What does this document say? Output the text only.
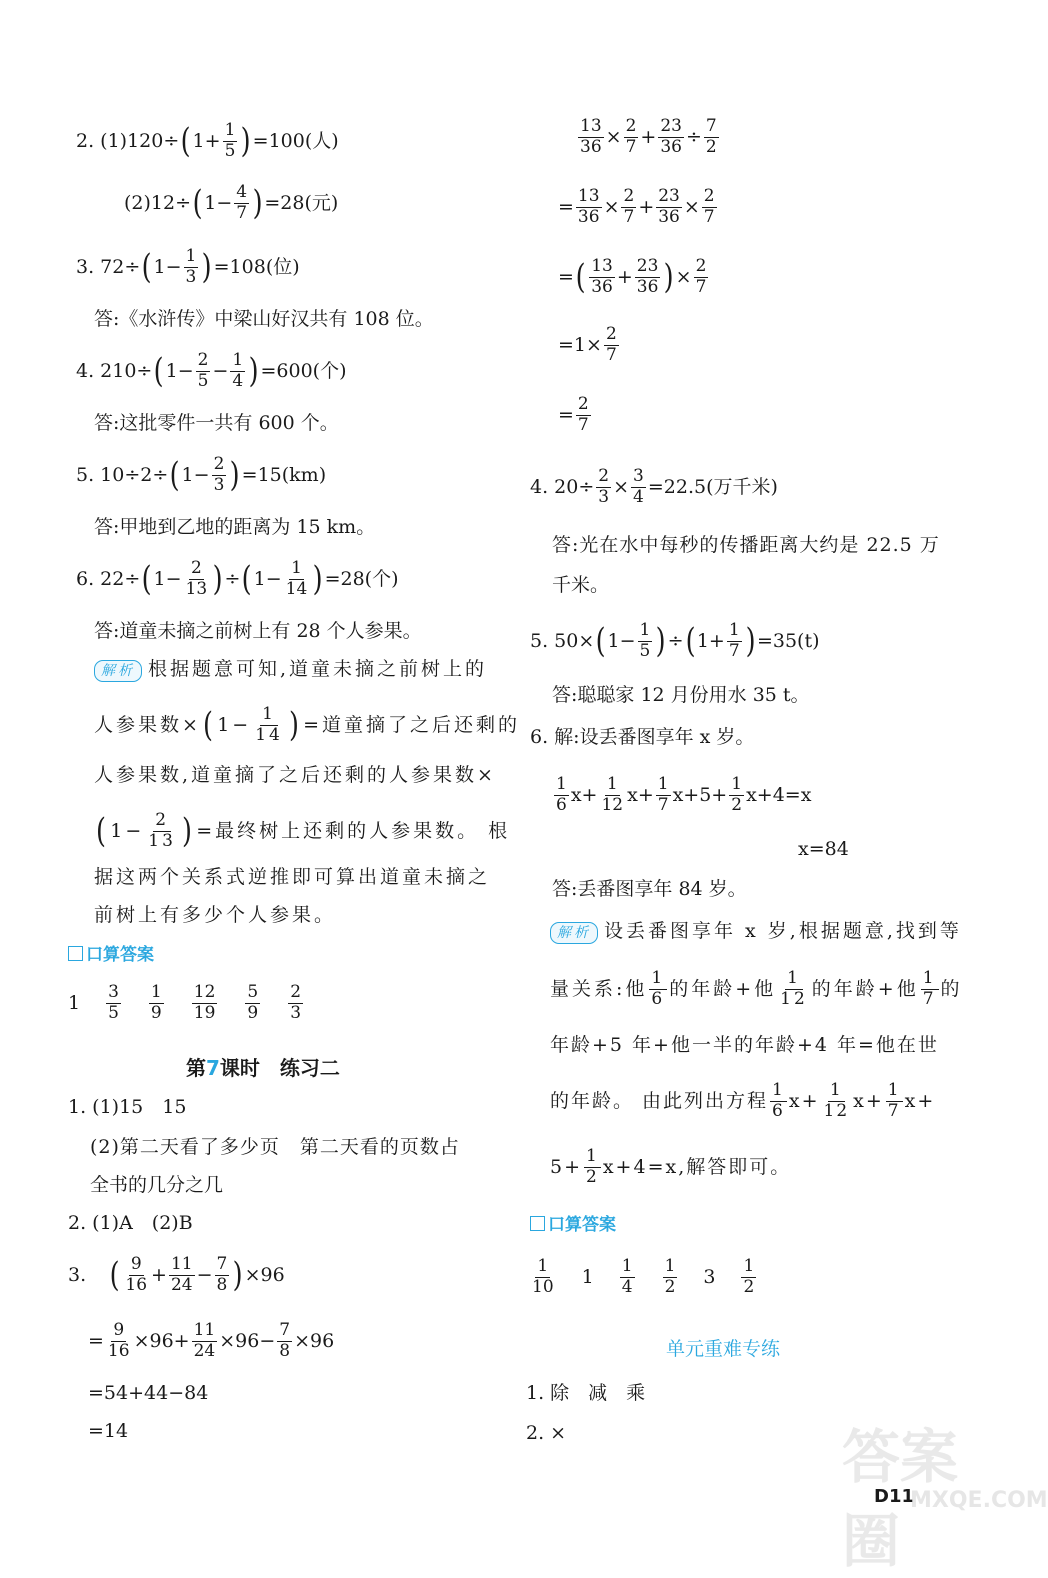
2. (1)120÷ ( $1+ \frac{1}{5}$ ) =100(人)
(2)12÷ ( $1- \frac{4}{7}$ ) =28(元)
3. 72÷ ( $1- \frac{1}{3}$ ) =108(位)
答:《水浒传》中梁山好汉共有 108 位。
4. 210÷ ( $1- \frac{2}{5} - \frac{1}{4}$ ) =600(个)
答:这批零件一共有 600 个。
5. 10÷2÷ ( $1- \frac{2}{3}$ ) =15(km)
答:甲地到乙地的距离为 15 km。
6. 22÷ ( $1- \frac{2}{13}$ ) ÷ ( $1- \frac{1}{14}$ ) =28(个)
答:道童未摘之前树上有 28 个人参果。
解析 根据题意可知,道童未摘之前树上的
人参果数× ( $1- \frac{1}{14}$ ) =道童摘了之后还剩的
人参果数,道童摘了之后还剩的人参果数×
( $1- \frac{2}{13}$ ) =最终树上还剩的人参果数。 根
据这两个关系式逆推即可算出道童未摘之
前树上有多少个人参果。
口算答案
$1 \frac{3}{5} \frac{1}{9} \frac{12}{19} \frac{5}{9} \frac{2}{3}$
第7课时　练习二
1. (1)15　15
(2)第二天看了多少页　第二天看的页数占
全书的几分之几
2. (1)A　(2)B
3. ( $\frac{9}{16} + \frac{11}{24} - \frac{7}{8}$ ) ×96
= $\frac{9}{16} \times 96+ \frac{11}{24} \times 96- \frac{7}{8} \times 96$
=54+44−84
=14
$\frac{13}{36} \times \frac{2}{7} + \frac{23}{36} \div \frac{7}{2}$
= $\frac{13}{36} \times \frac{2}{7} + \frac{23}{36} \times \frac{2}{7}$
= ( $\frac{13}{36} + \frac{23}{36}$ ) × $\frac{2}{7}$
$=1\times \frac{2}{7}$
= $\frac{2}{7}$
4. $20\div \frac{2}{3} \times \frac{3}{4} =22.5$(万千米)
答:光在水中每秒的传播距离大约是 22.5 万
千米。
5. 50× ( $1- \frac{1}{5}$ ) ÷ ( $1+ \frac{1}{7}$ ) =35(t)
答:聪聪家 12 月份用水 35 t。
6. 解:设丢番图享年 x 岁。
$\frac{1}{6} x+ \frac{1}{12} x+ \frac{1}{7} x+5+ \frac{1}{2} x+4=x$
x=84
答:丢番图享年 84 岁。
解析 设丢番图享年 x 岁,根据题意,找到等
量关系:他 $\frac{1}{6}$ 的年龄+他 $\frac{1}{12}$ 的年龄+他 $\frac{1}{7}$ 的
年龄+5 年+他一半的年龄+4 年=他在世
的年龄。 由此列出方程 $\frac{1}{6} x+ \frac{1}{12} x+ \frac{1}{7} x+$
$5+ \frac{1}{2} x+4=x$,解答即可。
口算答案
$\frac{1}{10} 1 \frac{1}{4} \frac{1}{2} 3 \frac{1}{2}$
单元重难专练
1. 除　减　乘
2. ×
D11
答案圈
MXQE.COM
